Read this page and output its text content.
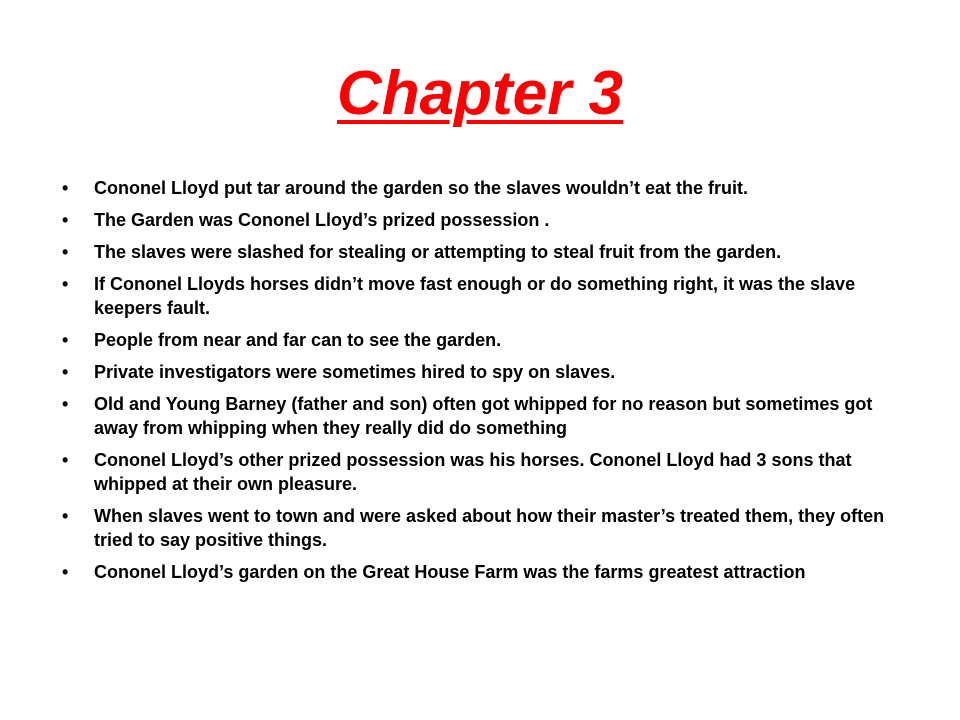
Chapter 3
•	Cononel Lloyd put tar around the garden so the slaves wouldn’t eat the fruit.
•	The Garden was Cononel Lloyd’s prized possession .
•	The slaves were slashed for stealing or attempting to steal fruit from the garden.
•	If Cononel Lloyds horses didn’t move fast enough or do something right, it was the slave keepers fault.
•	People from near and far can to see the garden.
•	Private investigators were sometimes hired to spy on slaves.
•	Old and Young Barney (father and son) often got whipped for no reason but sometimes got away from whipping when they really did do something
•	Cononel Lloyd’s other prized possession was his horses. Cononel Lloyd had 3 sons that whipped at their own pleasure.
•	When slaves went to town and were asked about how their master’s treated them, they often tried to say positive things.
•	Cononel Lloyd’s garden on the Great House Farm was the farms greatest attraction
